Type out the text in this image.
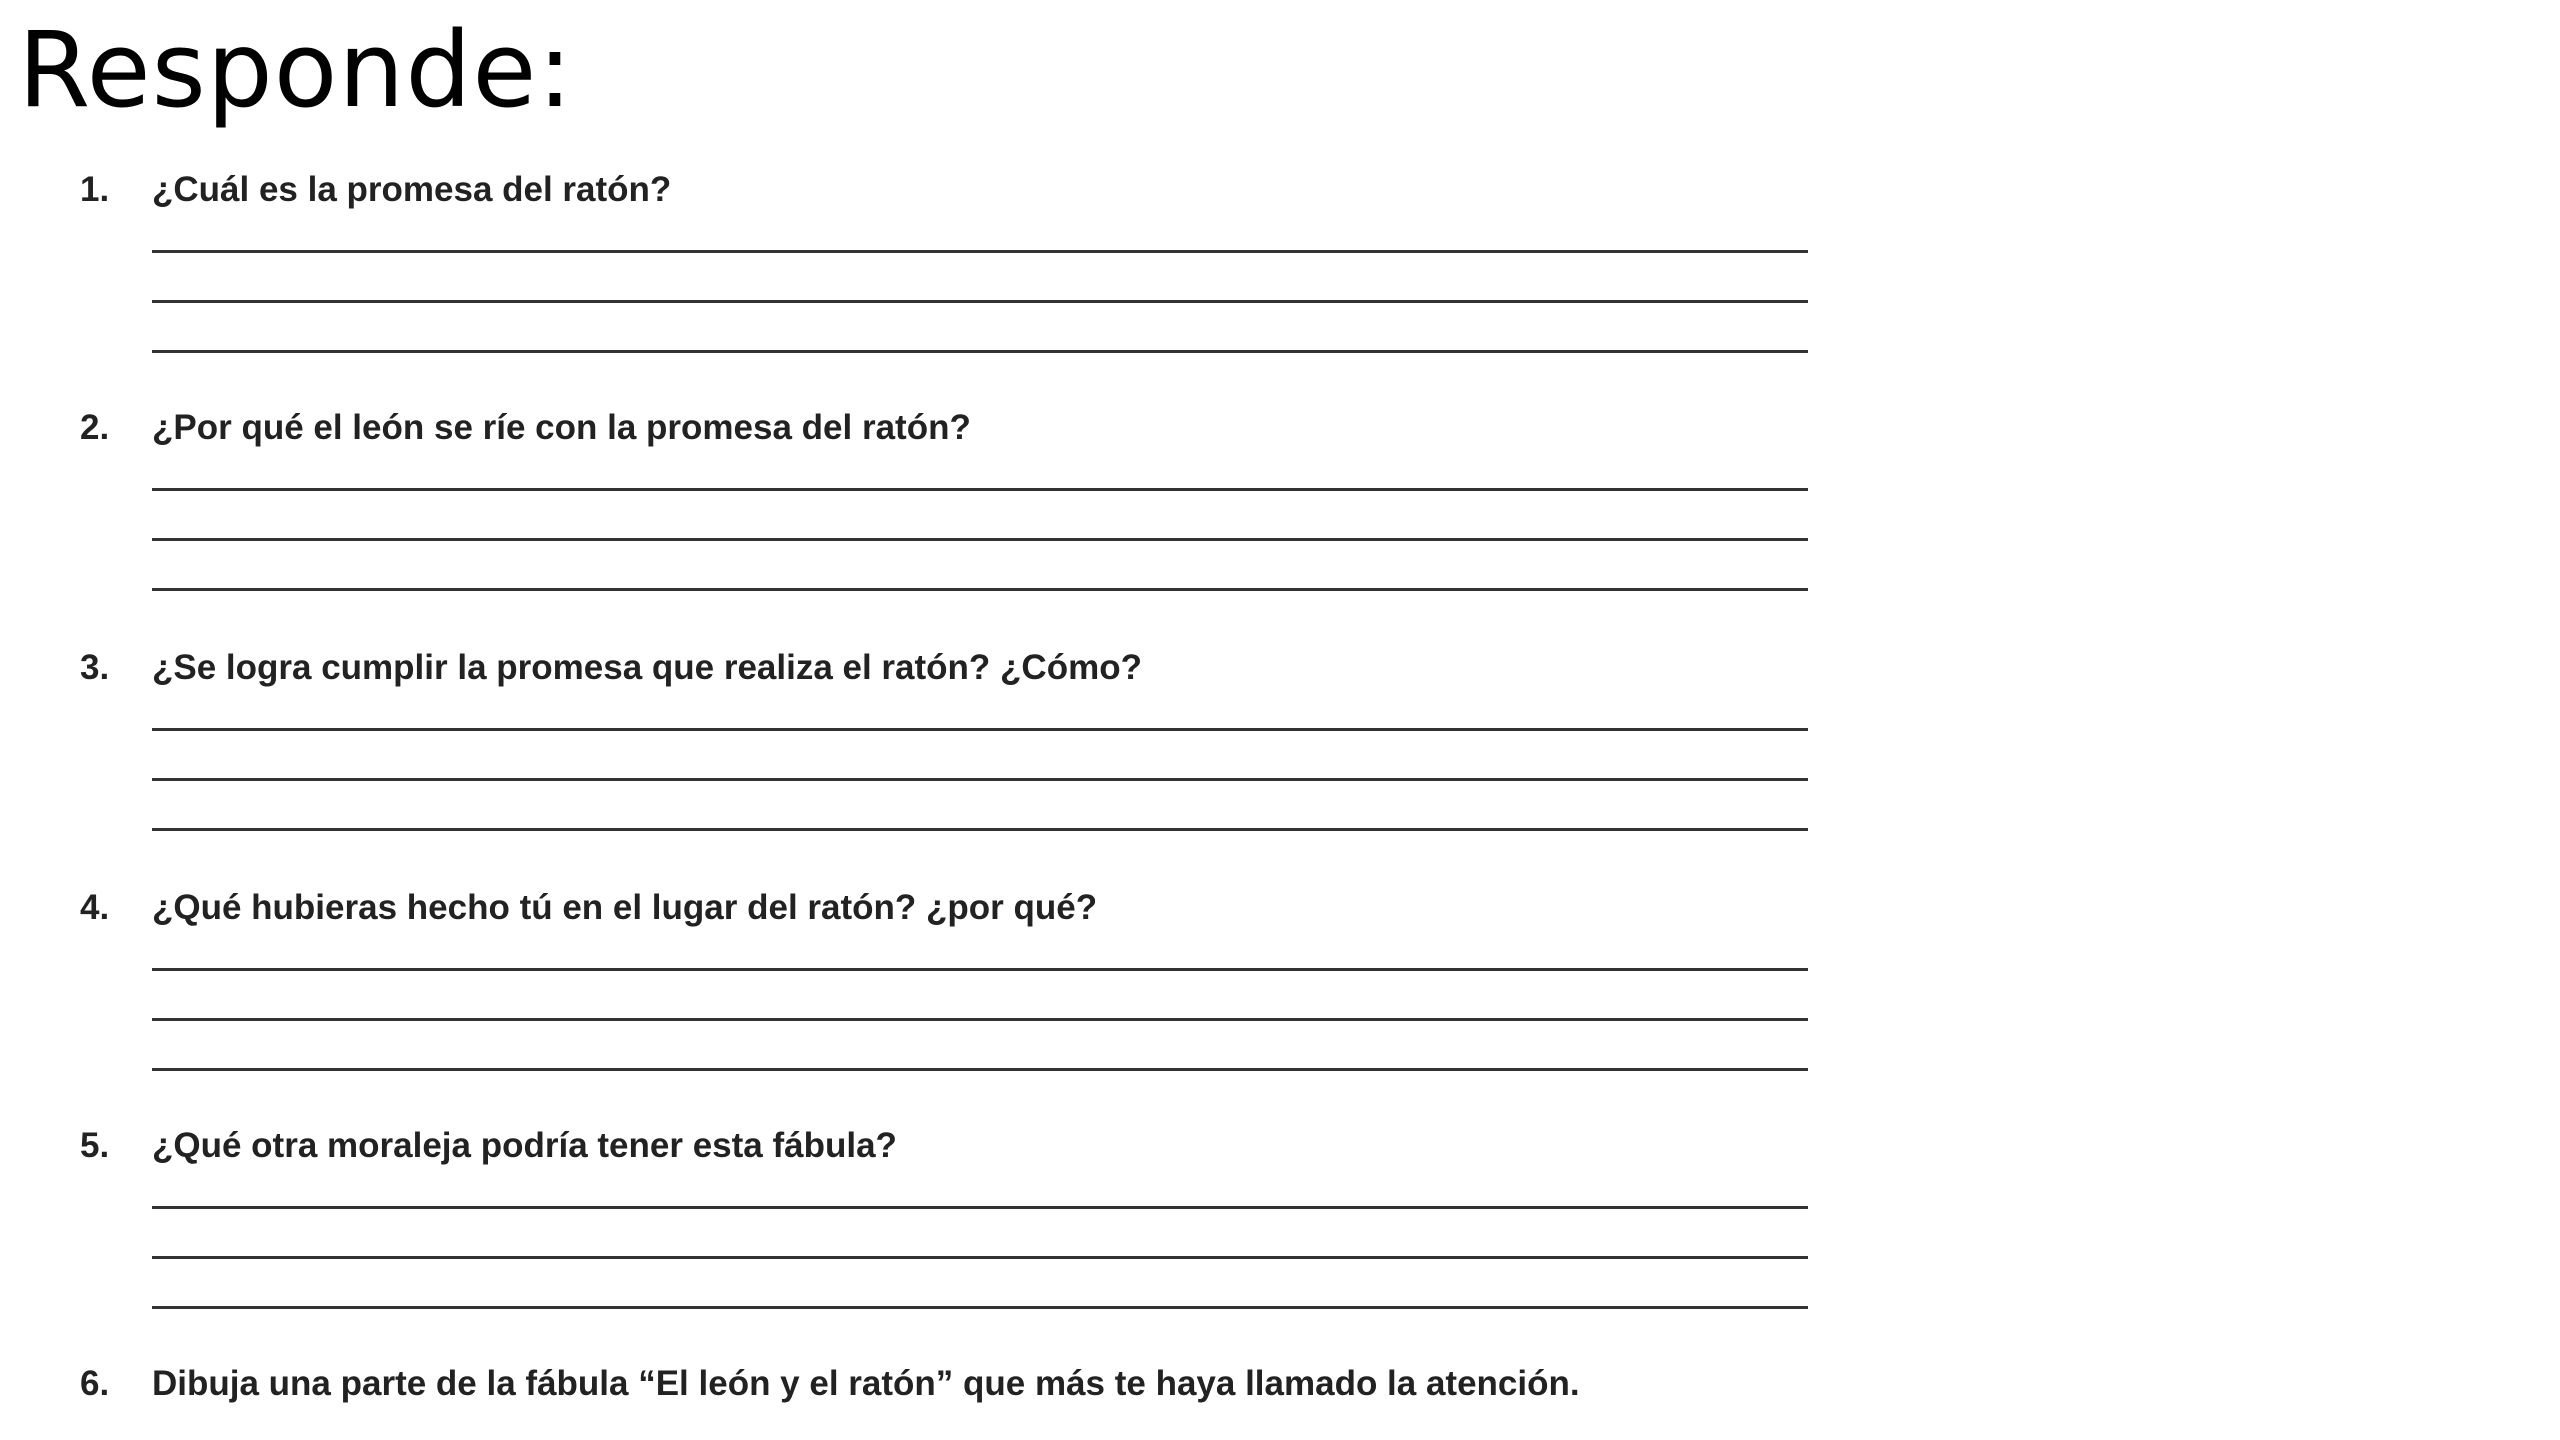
Responde:
1. ¿Cuál es la promesa del ratón?
2. ¿Por qué el león se ríe con la promesa del ratón?
3. ¿Se logra cumplir la promesa que realiza el ratón? ¿Cómo?
4. ¿Qué hubieras hecho tú en el lugar del ratón? ¿por qué?
5. ¿Qué otra moraleja podría tener esta fábula?
6. Dibuja una parte de la fábula “El león y el ratón” que más te haya llamado la atención.
